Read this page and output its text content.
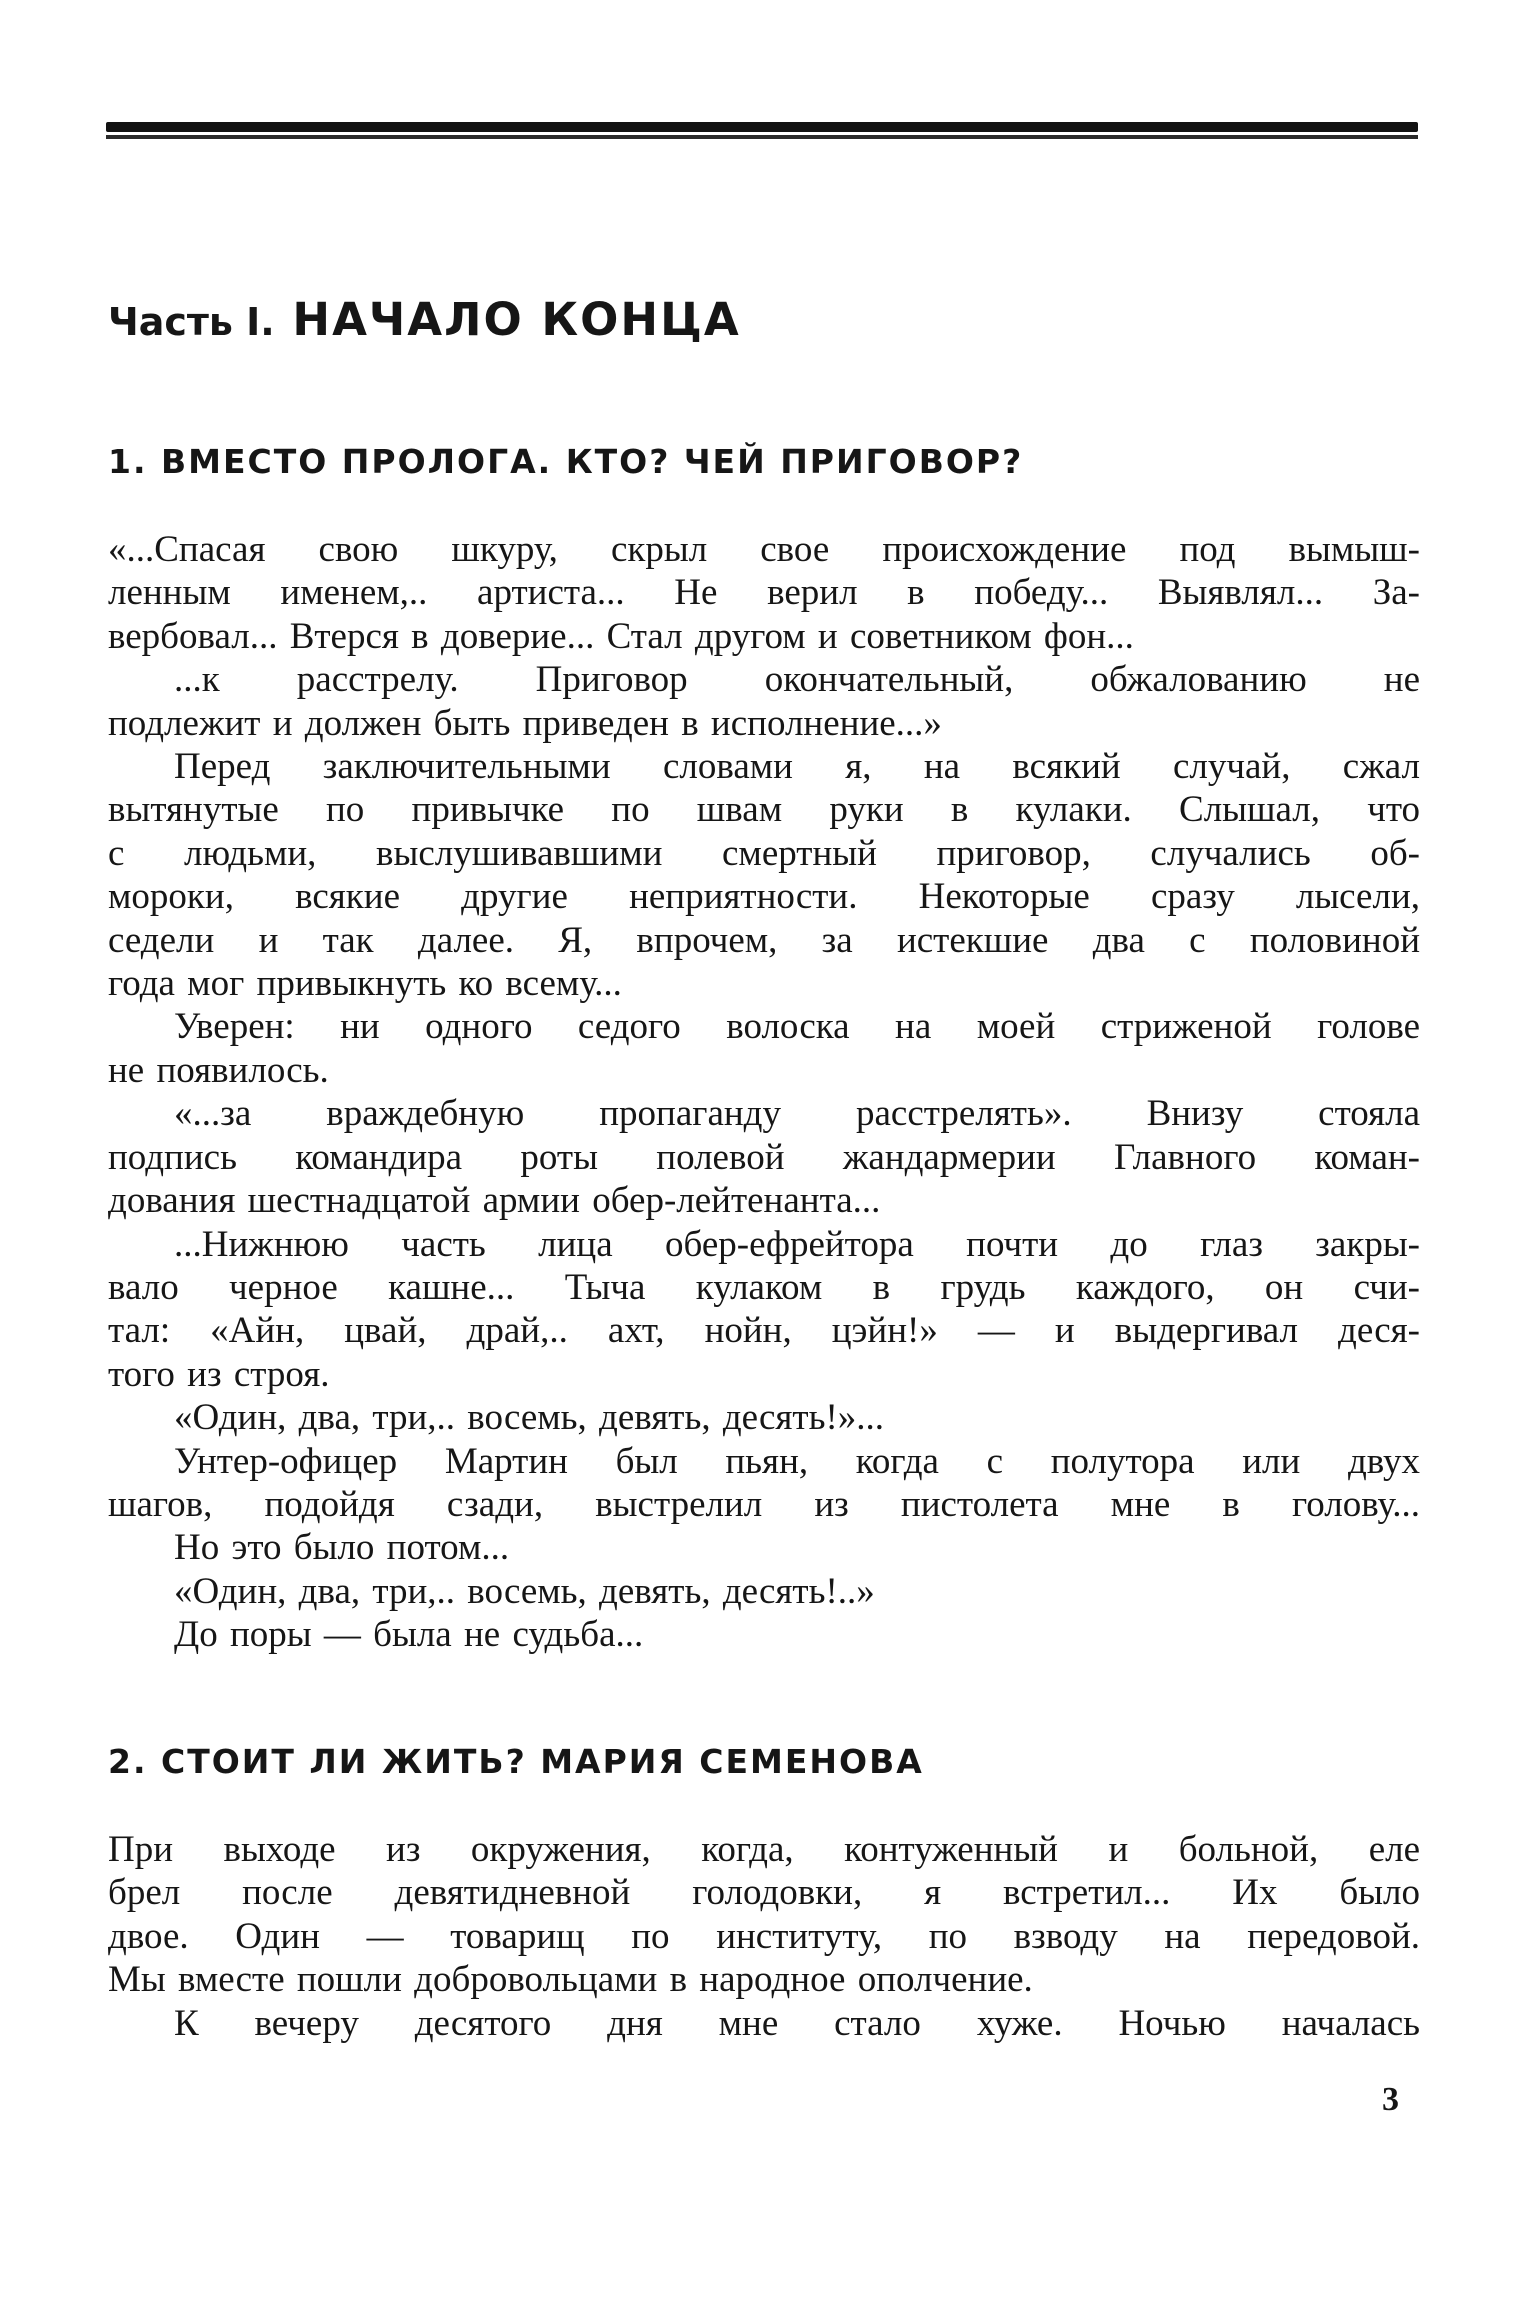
Часть I. НАЧАЛО КОНЦА
1. ВМЕСТО ПРОЛОГА. КТО? ЧЕЙ ПРИГОВОР?

«...Спасая свою шкуру, скрыл свое происхождение под вымыш-

ленным именем,.. артиста... Не верил в победу... Выявлял... За-

вербовал... Втерся в доверие... Стал другом и советником фон...

...к расстрелу. Приговор окончательный, обжалованию не

подлежит и должен быть приведен в исполнение...»

Перед заключительными словами я, на всякий случай, сжал

вытянутые по привычке по швам руки в кулаки. Слышал, что

с людьми, выслушивавшими смертный приговор, случались об-

мороки, всякие другие неприятности. Некоторые сразу лысели,

седели и так далее. Я, впрочем, за истекшие два с половиной

года мог привыкнуть ко всему...

Уверен: ни одного седого волоска на моей стриженой голове

не появилось.

«...за враждебную пропаганду расстрелять». Внизу стояла

подпись командира роты полевой жандармерии Главного коман-

дования шестнадцатой армии обер-лейтенанта...

...Нижнюю часть лица обер-ефрейтора почти до глаз закры-

вало черное кашне... Тыча кулаком в грудь каждого, он счи-

тал: «Айн, цвай, драй,.. ахт, нойн, цэйн!» — и выдергивал деся-

того из строя.

«Один, два, три,.. восемь, девять, десять!»...

Унтер-офицер Мартин был пьян, когда с полутора или двух

шагов, подойдя сзади, выстрелил из пистолета мне в голову...

Но это было потом...

«Один, два, три,.. восемь, девять, десять!..»

До поры — была не судьба...

2. СТОИТ ЛИ ЖИТЬ? МАРИЯ СЕМЕНОВА

При выходе из окружения, когда, контуженный и больной, еле

брел после девятидневной голодовки, я встретил... Их было

двое. Один — товарищ по институту, по взводу на передовой.

Мы вместе пошли добровольцами в народное ополчение.

К вечеру десятого дня мне стало хуже. Ночью началась

3
